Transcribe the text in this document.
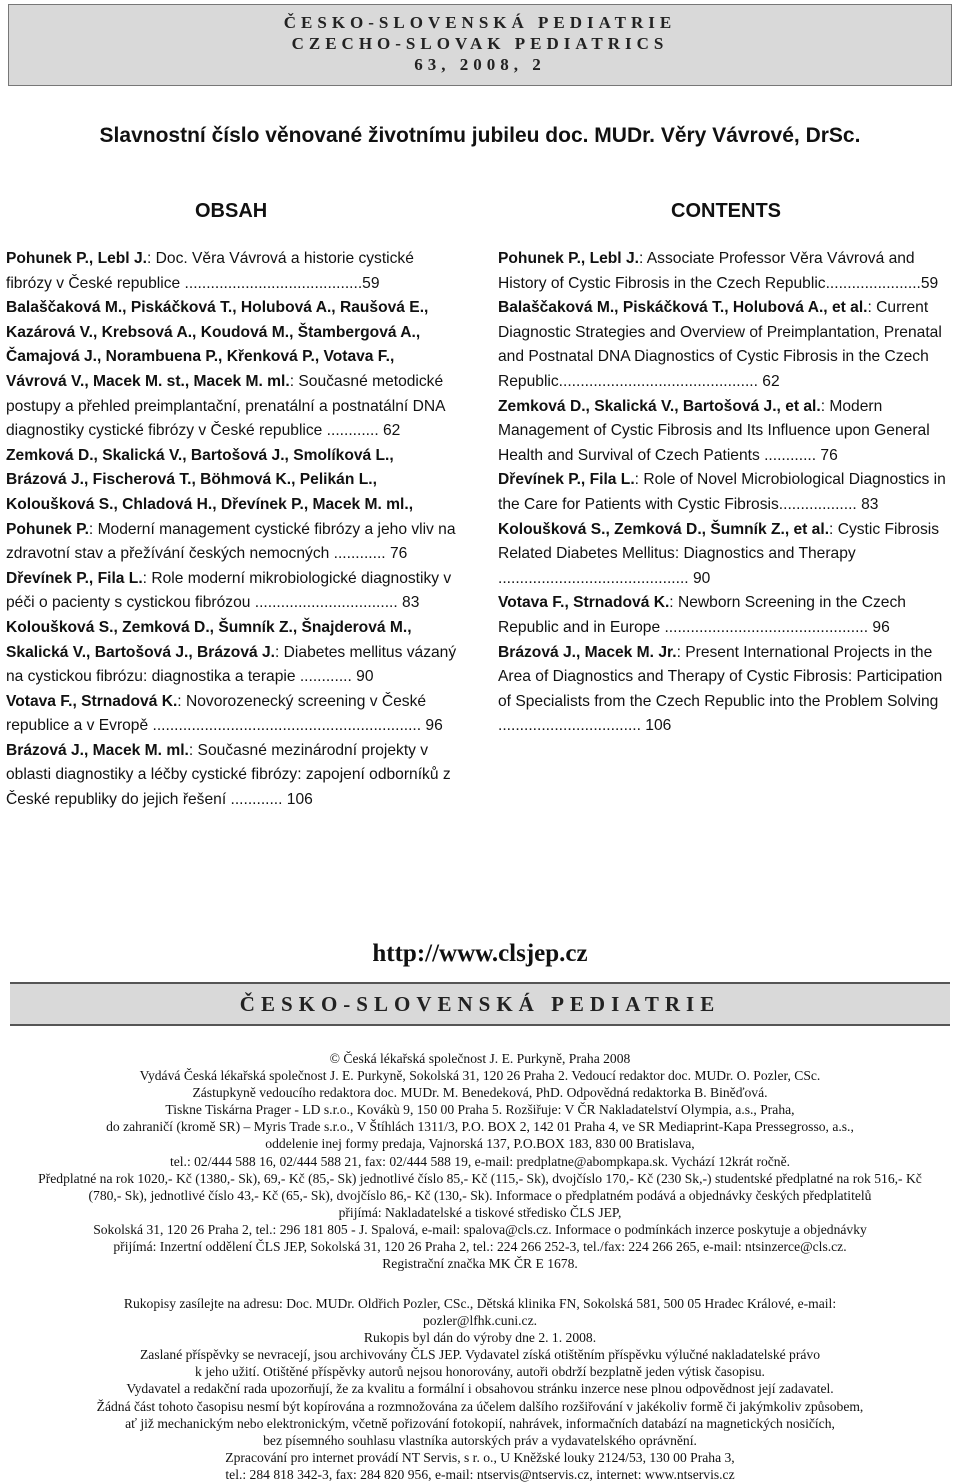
ČESKO-SLOVENSKÁ PEDIATRIE
CZECHO-SLOVAK PEDIATRICS
63, 2008, 2
Slavnostní číslo věnované životnímu jubileu doc. MUDr. Věry Vávrové, DrSc.
OBSAH	CONTENTS

Pohunek P., Lebl J.: Doc. Věra Vávrová a historie cystické fibrózy v České republice .........................................59

Balaščaková M., Piskáčková T., Holubová A., Raušová E., Kazárová V., Krebsová A., Koudová M., Štambergová A., Čamajová J., Norambuena P., Křenková P., Votava F., Vávrová V., Macek M. st., Macek M. ml.: Současné metodické postupy a přehled preimplantační, prenatální a postnatální DNA diagnostiky cystické fibrózy v České republice ............ 62

Zemková D., Skalická V., Bartošová J., Smolíková L., Brázová J., Fischerová T., Böhmová K., Pelikán L., Koloušková S., Chladová H., Dřevínek P., Macek M. ml., Pohunek P.: Moderní management cystické fibrózy a jeho vliv na zdravotní stav a přežívání českých nemocných ............ 76

Dřevínek P., Fila L.: Role moderní mikrobiologické diagnostiky v péči o pacienty s cystickou fibrózou ................................. 83

Koloušková S., Zemková D., Šumník Z., Šnajderová M., Skalická V., Bartošová J., Brázová J.: Diabetes mellitus vázaný na cystickou fibrózu: diagnostika a terapie ............ 90

Votava F., Strnadová K.: Novorozenecký screening v České republice a v Evropě .............................................................. 96

Brázová J., Macek M. ml.: Současné mezinárodní projekty v oblasti diagnostiky a léčby cystické fibrózy: zapojení odborníků z České republiky do jejich řešení ............ 106

Pohunek P., Lebl J.: Associate Professor Věra Vávrová and History of Cystic Fibrosis in the Czech Republic......................59

Balaščaková M., Piskáčková T., Holubová A., et al.: Current Diagnostic Strategies and Overview of Preimplantation, Prenatal and Postnatal DNA Diagnostics of Cystic Fibrosis in the Czech Republic.............................................. 62

Zemková D., Skalická V., Bartošová J., et al.: Modern Management of Cystic Fibrosis and Its Influence upon General Health and Survival of Czech Patients ............ 76

Dřevínek P., Fila L.: Role of Novel Microbiological Diagnostics in the Care for Patients with Cystic Fibrosis.................. 83

Koloušková S., Zemková D., Šumník Z., et al.: Cystic Fibrosis Related Diabetes Mellitus: Diagnostics and Therapy ............................................ 90

Votava F., Strnadová K.: Newborn Screening in the Czech Republic and in Europe ............................................... 96

Brázová J., Macek M. Jr.: Present International Projects in the Area of Diagnostics and Therapy of Cystic Fibrosis: Participation of Specialists from the Czech Republic into the Problem Solving ................................. 106

http://www.clsjep.cz
ČESKO-SLOVENSKÁ PEDIATRIE

© Česká lékařská společnost J. E. Purkyně, Praha 2008

Vydává Česká lékařská společnost J. E. Purkyně, Sokolská 31, 120 26 Praha 2. Vedoucí redaktor doc. MUDr. O. Pozler, CSc.

Zástupkyně vedoucího redaktora doc. MUDr. M. Benedeková, PhD. Odpovědná redaktorka B. Biněďová.

Tiskne Tiskárna Prager - LD s.r.o., Kovákù 9, 150 00 Praha 5. Rozšiřuje: V ČR Nakladatelství Olympia, a.s., Praha,

do zahraničí (kromě SR) – Myris Trade s.r.o., V Štíhlách 1311/3, P.O. BOX 2, 142 01 Praha 4, ve SR Mediaprint-Kapa Pressegrosso, a.s.,

oddelenie inej formy predaja, Vajnorská 137, P.O.BOX 183, 830 00 Bratislava,

tel.: 02/444 588 16, 02/444 588 21, fax: 02/444 588 19, e-mail: predplatne@abompkapa.sk. Vychází 12krát ročně.

Předplatné na rok 1020,- Kč (1380,- Sk), 69,- Kč (85,- Sk) jednotlivé číslo 85,- Kč (115,- Sk), dvojčíslo 170,- Kč (230 Sk,-) studentské předplatné na rok 516,- Kč

(780,- Sk), jednotlivé číslo 43,- Kč (65,- Sk), dvojčíslo 86,- Kč (130,- Sk). Informace o předplatném podává a objednávky českých předplatitelů

přijímá: Nakladatelské a tiskové středisko ČLS JEP,

Sokolská 31, 120 26 Praha 2, tel.: 296 181 805 - J. Spalová, e-mail: spalova@cls.cz. Informace o podmínkách inzerce poskytuje a objednávky

přijímá: Inzertní oddělení ČLS JEP, Sokolská 31, 120 26 Praha 2, tel.: 224 266 252-3, tel./fax: 224 266 265, e-mail: ntsinzerce@cls.cz.

Registrační značka MK ČR E 1678.

Rukopisy zasílejte na adresu: Doc. MUDr. Oldřich Pozler, CSc., Dětská klinika FN, Sokolská 581, 500 05 Hradec Králové, e-mail:

pozler@lfhk.cuni.cz.

Rukopis byl dán do výroby dne 2. 1. 2008.

Zaslané příspěvky se nevracejí, jsou archivovány ČLS JEP. Vydavatel získá otištěním příspěvku výlučné nakladatelské právo

k jeho užití. Otištěné příspěvky autorů nejsou honorovány, autoři obdrží bezplatně jeden výtisk časopisu.

Vydavatel a redakční rada upozorňují, že za kvalitu a formální i obsahovou stránku inzerce nese plnou odpovědnost její zadavatel.

Žádná část tohoto časopisu nesmí být kopírována a rozmnožována za účelem dalšího rozšiřování v jakékoliv formě či jakýmkoliv způsobem,

ať již mechanickým nebo elektronickým, včetně pořizování fotokopií, nahrávek, informačních databází na magnetických nosičích,

bez písemného souhlasu vlastníka autorských práv a vydavatelského oprávnění.

Zpracování pro internet provádí NT Servis, s r. o., U Kněžské louky 2124/53, 130 00 Praha 3,

tel.: 284 818 342-3, fax: 284 820 956, e-mail: ntservis@ntservis.cz, internet: www.ntservis.cz
